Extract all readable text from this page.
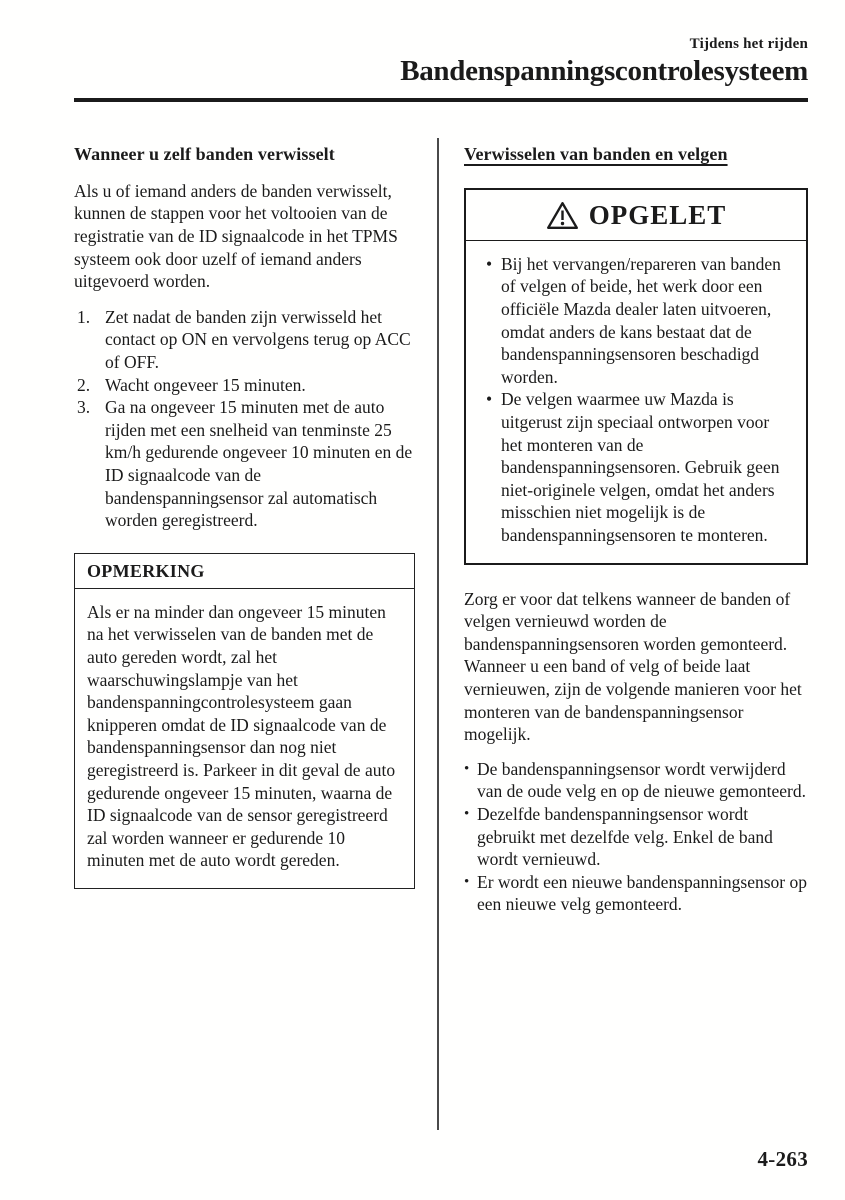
Tijdens het rijden
Bandenspanningscontrolesysteem
Wanneer u zelf banden verwisselt

Als u of iemand anders de banden verwisselt, kunnen de stappen voor het voltooien van de registratie van de ID signaalcode in het TPMS systeem ook door uzelf of iemand anders uitgevoerd worden.

Zet nadat de banden zijn verwisseld het contact op ON en vervolgens terug op ACC of OFF.
Wacht ongeveer 15 minuten.
Ga na ongeveer 15 minuten met de auto rijden met een snelheid van tenminste 25 km/h gedurende ongeveer 10 minuten en de ID signaalcode van de bandenspanningsensor zal automatisch worden geregistreerd.
OPMERKING

Als er na minder dan ongeveer 15 minuten na het verwisselen van de banden met de auto gereden wordt, zal het waarschuwingslampje van het bandenspanningcontrolesysteem gaan knipperen omdat de ID signaalcode van de bandenspanningsensor dan nog niet geregistreerd is. Parkeer in dit geval de auto gedurende ongeveer 15 minuten, waarna de ID signaalcode van de sensor geregistreerd zal worden wanneer er gedurende 10 minuten met de auto wordt gereden.

Verwisselen van banden en velgen
OPGELET
• Bij het vervangen/repareren van banden of velgen of beide, het werk door een officiële Mazda dealer laten uitvoeren, omdat anders de kans bestaat dat de bandenspanningsensoren beschadigd worden.
• De velgen waarmee uw Mazda is uitgerust zijn speciaal ontworpen voor het monteren van de bandenspanningsensoren. Gebruik geen niet-originele velgen, omdat het anders misschien niet mogelijk is de bandenspanningsensoren te monteren.

Zorg er voor dat telkens wanneer de banden of velgen vernieuwd worden de bandenspanningsensoren worden gemonteerd.

Wanneer u een band of velg of beide laat vernieuwen, zijn de volgende manieren voor het monteren van de bandenspanningsensor mogelijk.

• De bandenspanningsensor wordt verwijderd van de oude velg en op de nieuwe gemonteerd.
• Dezelfde bandenspanningsensor wordt gebruikt met dezelfde velg. Enkel de band wordt vernieuwd.
• Er wordt een nieuwe bandenspanningsensor op een nieuwe velg gemonteerd.
4-263
